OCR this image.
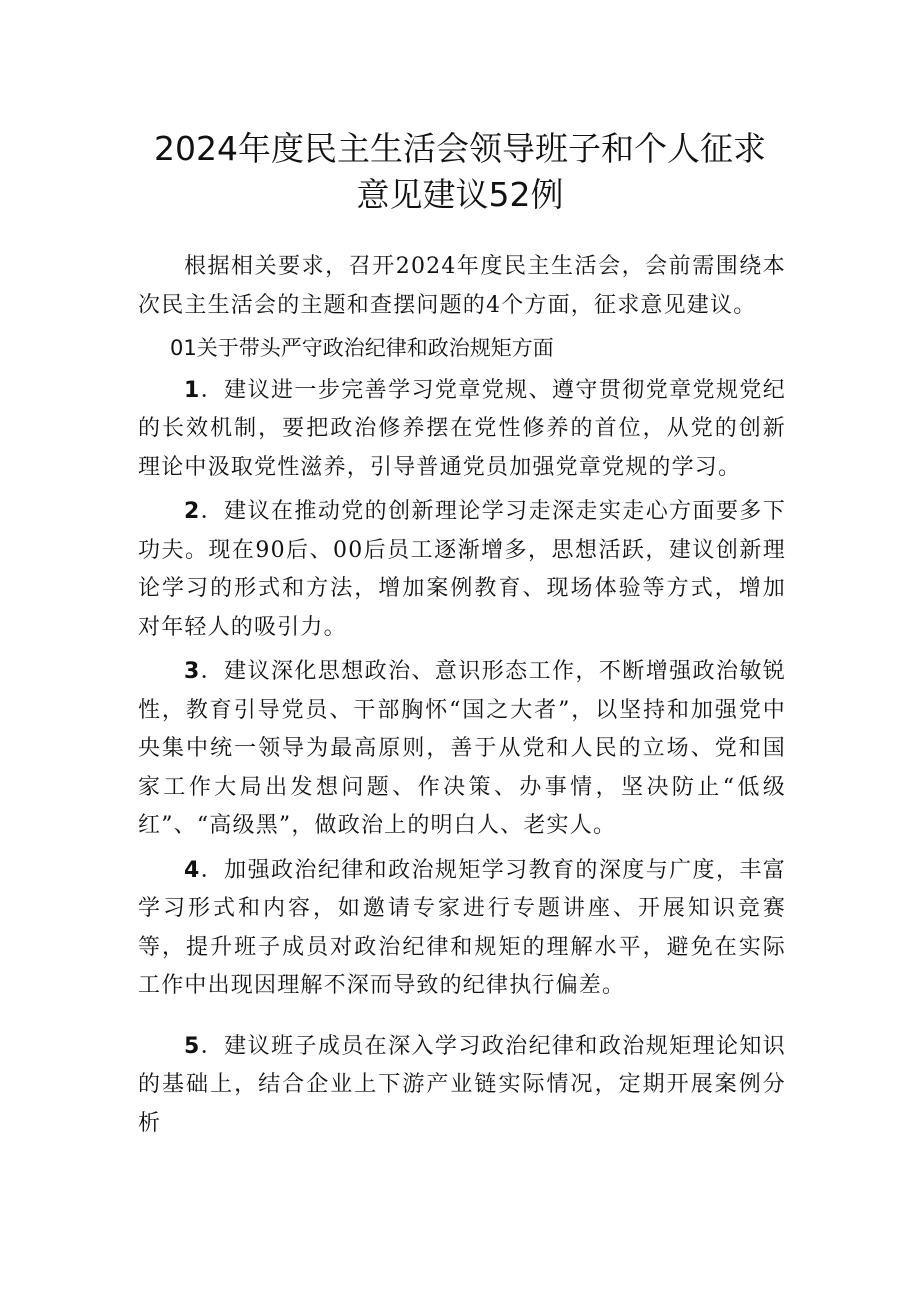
2024年度民主生活会领导班子和个人征求
意见建议52例

根据相关要求，召开2024年度民主生活会，会前需围绕本次民主生活会的主题和查摆问题的4个方面，征求意见建议。

01关于带头严守政治纪律和政治规矩方面

1．建议进一步完善学习党章党规、遵守贯彻党章党规党纪的长效机制，要把政治修养摆在党性修养的首位，从党的创新理论中汲取党性滋养，引导普通党员加强党章党规的学习。

2．建议在推动党的创新理论学习走深走实走心方面要多下功夫。现在90后、00后员工逐渐增多，思想活跃，建议创新理论学习的形式和方法，增加案例教育、现场体验等方式，增加对年轻人的吸引力。

3．建议深化思想政治、意识形态工作，不断增强政治敏锐性，教育引导党员、干部胸怀“国之大者”，以坚持和加强党中央集中统一领导为最高原则，善于从党和人民的立场、党和国家工作大局出发想问题、作决策、办事情，坚决防止“低级红”、“高级黑”，做政治上的明白人、老实人。

4．加强政治纪律和政治规矩学习教育的深度与广度，丰富学习形式和内容，如邀请专家进行专题讲座、开展知识竞赛等，提升班子成员对政治纪律和规矩的理解水平，避免在实际工作中出现因理解不深而导致的纪律执行偏差。

5．建议班子成员在深入学习政治纪律和政治规矩理论知识的基础上，结合企业上下游产业链实际情况，定期开展案例分析
